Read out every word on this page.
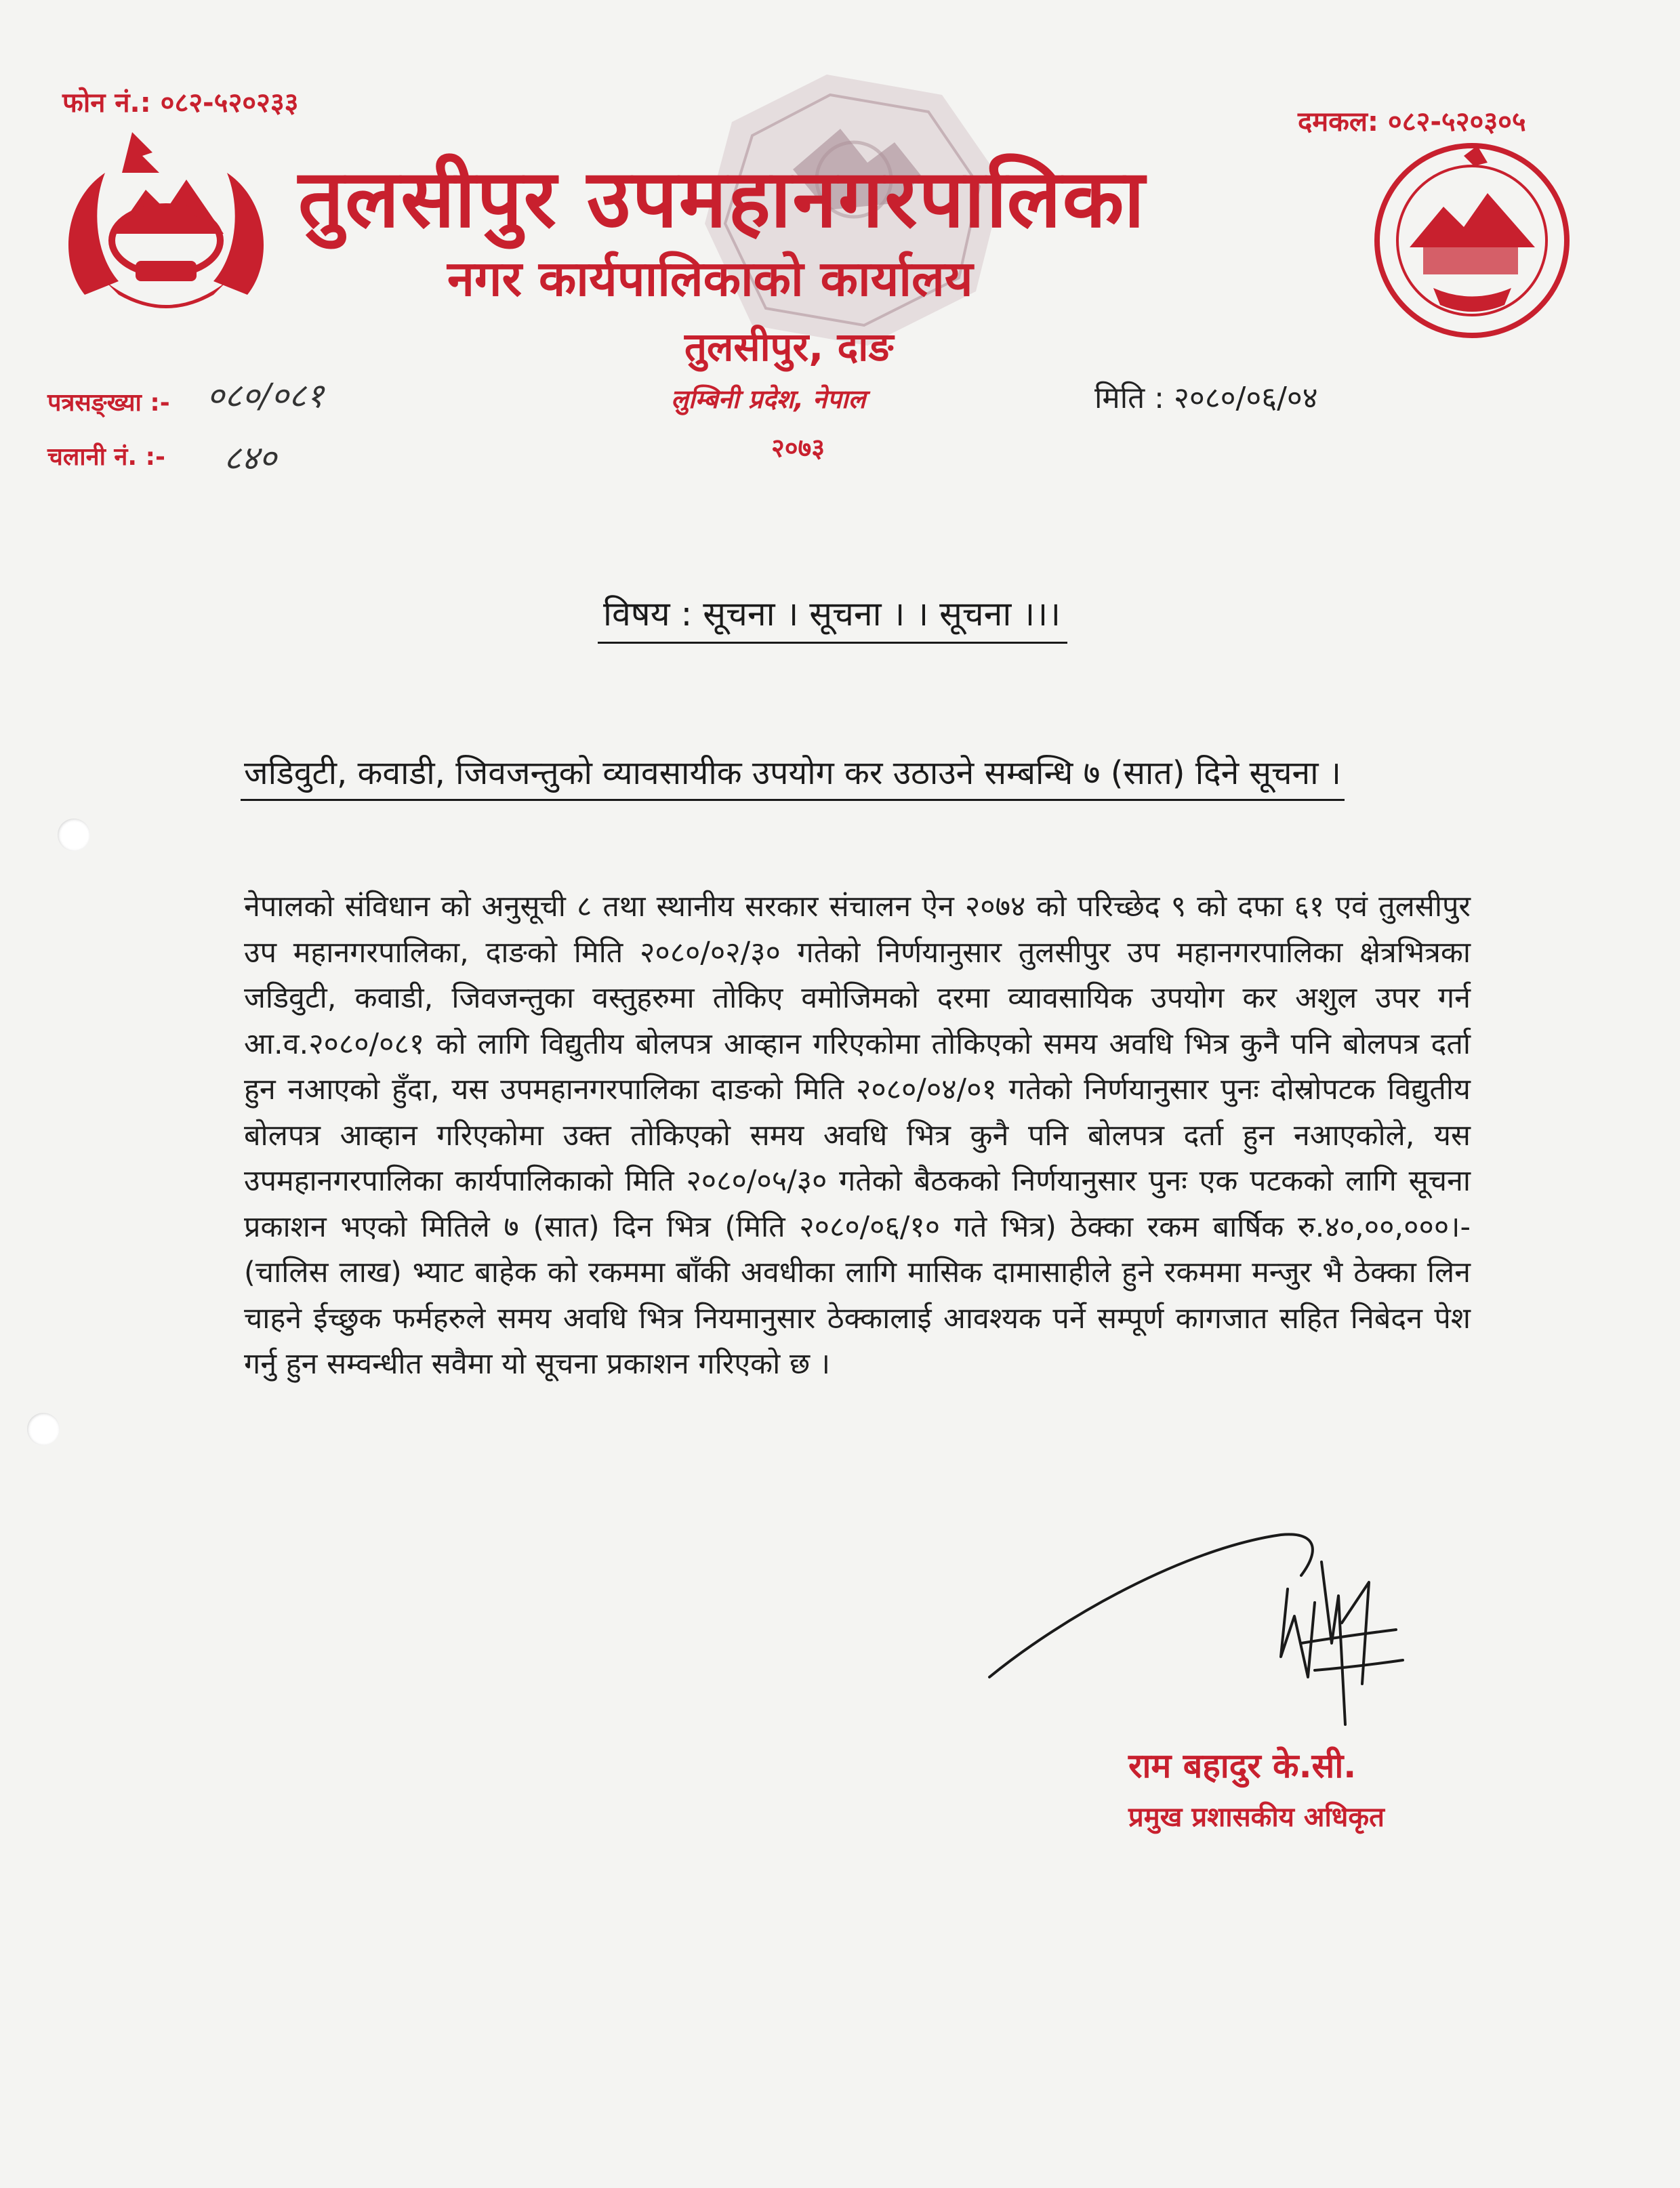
फोन नं.: ०८२-५२०२३३
दमकल: ०८२-५२०३०५
तुलसीपुर उपमहानगरपालिका
नगर कार्यपालिकाको कार्यालय
तुलसीपुर, दाङ
लुम्बिनी प्रदेश, नेपाल
२०७३
पत्रसङ्ख्या :- ०८०/०८१
चलानी नं. :- ८४०
मिति : २०८०/०६/०४
विषय : सूचना । सूचना । । सूचना ।।।
जडिवुटी, कवाडी, जिवजन्तुको व्यावसायीक उपयोग कर उठाउने सम्बन्धि ७ (सात) दिने सूचना ।
नेपालको संविधान को अनुसूची ८ तथा स्थानीय सरकार संचालन ऐन २०७४ को परिच्छेद ९ को दफा ६१ एवं तुलसीपुर उप महानगरपालिका, दाङको मिति २०८०/०२/३० गतेको निर्णयानुसार तुलसीपुर उप महानगरपालिका क्षेत्रभित्रका जडिवुटी, कवाडी, जिवजन्तुका वस्तुहरुमा तोकिए वमोजिमको दरमा व्यावसायिक उपयोग कर अशुल उपर गर्न आ.व.२०८०/०८१ को लागि विद्युतीय बोलपत्र आव्हान गरिएकोमा तोकिएको समय अवधि भित्र कुनै पनि बोलपत्र दर्ता हुन नआएको हुँदा, यस उपमहानगरपालिका दाङको मिति २०८०/०४/०१ गतेको निर्णयानुसार पुनः दोस्रोपटक विद्युतीय बोलपत्र आव्हान गरिएकोमा उक्त तोकिएको समय अवधि भित्र कुनै पनि बोलपत्र दर्ता हुन नआएकोले, यस उपमहानगरपालिका कार्यपालिकाको मिति २०८०/०५/३० गतेको बैठकको निर्णयानुसार पुनः एक पटकको लागि सूचना प्रकाशन भएको मितिले ७ (सात) दिन भित्र (मिति २०८०/०६/१० गते भित्र) ठेक्का रकम बार्षिक रु.४०,००,०००।- (चालिस लाख) भ्याट बाहेक को रकममा बाँकी अवधीका लागि मासिक दामासाहीले हुने रकममा मन्जुर भै ठेक्का लिन चाहने ईच्छुक फर्महरुले समय अवधि भित्र नियमानुसार ठेक्कालाई आवश्यक पर्ने सम्पूर्ण कागजात सहित निबेदन पेश गर्नु हुन सम्वन्धीत सवैमा यो सूचना प्रकाशन गरिएको छ ।
राम बहादुर के.सी.
प्रमुख प्रशासकीय अधिकृत
